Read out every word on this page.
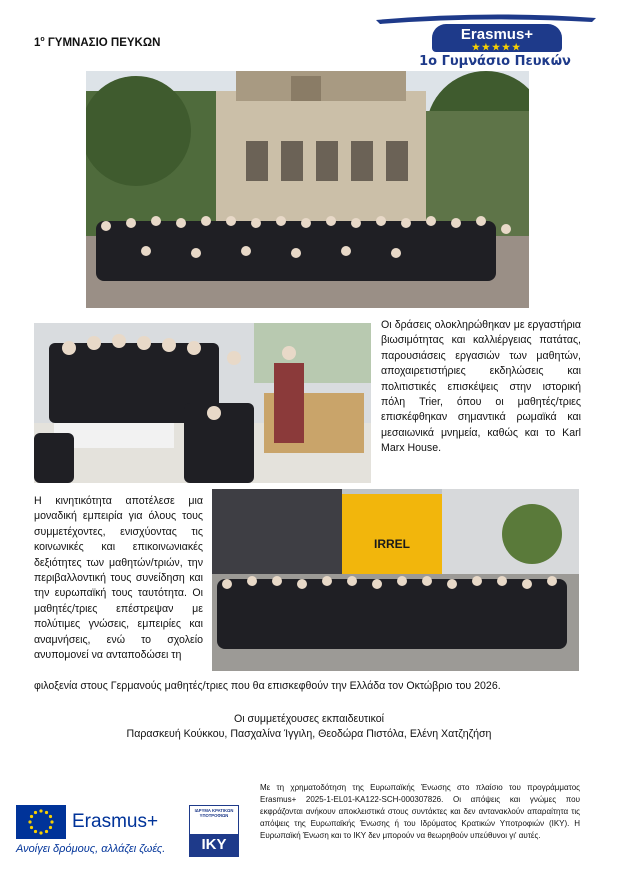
$1^o$ ΓΥΜΝΑΣΙΟ ΠΕΥΚΩΝ	Erasmus+
★★★★★
1ο Γυμνάσιο Πευκών

Οι δράσεις ολοκληρώθηκαν με εργαστήρια βιωσιμότητας και καλλιέργειας πατάτας, παρουσιάσεις εργασιών των μαθητών, αποχαιρετιστήριες εκδηλώσεις και πολιτιστικές επισκέψεις στην ιστορική πόλη Trier, όπου οι μαθητές/τριες επισκέφθηκαν σημαντικά ρωμαϊκά και μεσαιωνικά μνημεία, καθώς και το Karl Marx House.

Η κινητικότητα αποτέλεσε μια μοναδική εμπειρία για όλους τους συμμετέχοντες, ενισχύοντας τις κοινωνικές και επικοινωνιακές δεξιότητες των μαθητών/τριών, την περιβαλλοντική τους συνείδηση και την ευρωπαϊκή τους ταυτότητα. Οι μαθητές/τριες επέστρεψαν με πολύτιμες γνώσεις, εμπειρίες και αναμνήσεις, ενώ το σχολείο ανυπομονεί να ανταποδώσει τη

IRREL

φιλοξενία στους Γερμανούς μαθητές/τριες που θα επισκεφθούν την Ελλάδα τον Οκτώβριο του 2026.

Οι συμμετέχουσες εκπαιδευτικοί
Παρασκευή Κούκκου, Πασχαλίνα Ίγγιλη, Θεοδώρα Πιστόλα, Ελένη Χατζηζήση

Με τη χρηματοδότηση της Ευρωπαϊκής Ένωσης στο πλαίσιο του προγράμματος Erasmus+ 2025-1-EL01-KA122-SCH-000307826. Οι απόψεις και γνώμες που εκφράζονται ανήκουν αποκλειστικά στους συντάκτες και δεν αντανακλούν απαραίτητα τις απόψεις της Ευρωπαϊκής Ένωσης ή του Ιδρύματος Κρατικών Υποτροφιών (ΙΚΥ). Η Ευρωπαϊκή Ένωση και το ΙΚΥ δεν μπορούν να θεωρηθούν υπεύθυνοι γι' αυτές.

Erasmus+
Ανοίγει δρόμους, αλλάζει ζωές.
ΙΔΡΥΜΑ ΚΡΑΤΙΚΩΝ ΥΠΟΤΡΟΦΙΩΝ
IKY
